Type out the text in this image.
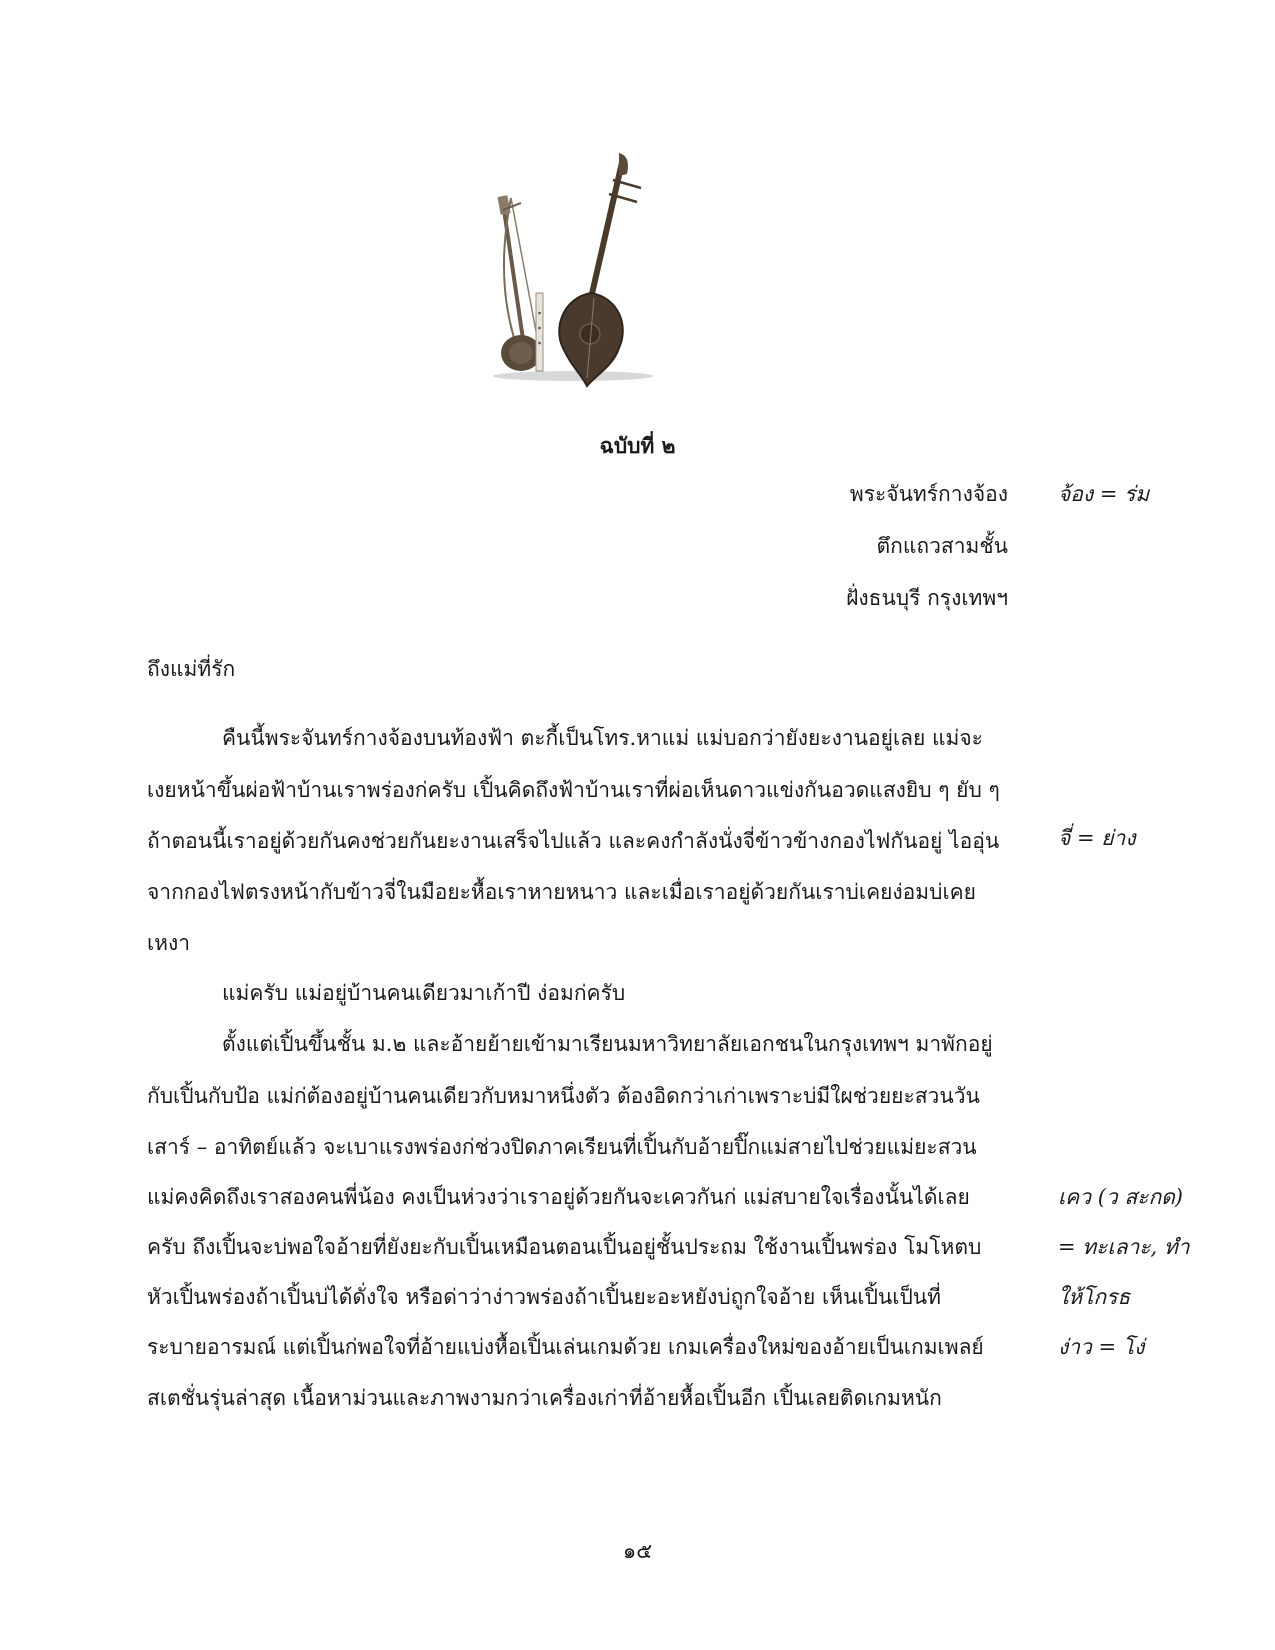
ฉบับที่ ๒
พระจันทร์กางจ้อง
ตึกแถวสามชั้น
ฝั่งธนบุรี กรุงเทพฯ
จ้อง = ร่ม
จี่ = ย่าง
เคว (ว สะกด)
= ทะเลาะ, ทำ
ให้โกรธ
ง่าว = โง่
ถึงแม่ที่รัก
คืนนี้พระจันทร์กางจ้องบนท้องฟ้า ตะกี้เป็นโทร.หาแม่ แม่บอกว่ายังยะงานอยู่เลย แม่จะ
เงยหน้าขึ้นผ่อฟ้าบ้านเราพร่องก่ครับ เปิ้นคิดถึงฟ้าบ้านเราที่ผ่อเห็นดาวแข่งกันอวดแสงยิบ ๆ ยับ ๆ
ถ้าตอนนี้เราอยู่ด้วยกันคงช่วยกันยะงานเสร็จไปแล้ว และคงกำลังนั่งจี่ข้าวข้างกองไฟกันอยู่ ไออุ่น
จากกองไฟตรงหน้ากับข้าวจี่ในมือยะหื้อเราหายหนาว และเมื่อเราอยู่ด้วยกันเราบ่เคยง่อมบ่เคย
เหงา
แม่ครับ แม่อยู่บ้านคนเดียวมาเก้าปี ง่อมก่ครับ
ตั้งแต่เปิ้นขึ้นชั้น ม.๒ และอ้ายย้ายเข้ามาเรียนมหาวิทยาลัยเอกชนในกรุงเทพฯ มาพักอยู่
กับเปิ้นกับป้อ แม่ก่ต้องอยู่บ้านคนเดียวกับหมาหนึ่งตัว ต้องอิดกว่าเก่าเพราะบ่มีใผช่วยยะสวนวัน
เสาร์ – อาทิตย์แล้ว จะเบาแรงพร่องก่ช่วงปิดภาคเรียนที่เปิ้นกับอ้ายปิ๊กแม่สายไปช่วยแม่ยะสวน
แม่คงคิดถึงเราสองคนพี่น้อง คงเป็นห่วงว่าเราอยู่ด้วยกันจะเควกันก่ แม่สบายใจเรื่องนั้นได้เลย
ครับ ถึงเปิ้นจะบ่พอใจอ้ายที่ยังยะกับเปิ้นเหมือนตอนเปิ้นอยู่ชั้นประถม ใช้งานเปิ้นพร่อง โมโหตบ
หัวเปิ้นพร่องถ้าเปิ้นบ่ได้ดั่งใจ หรือด่าว่าง่าวพร่องถ้าเปิ้นยะอะหยังบ่ถูกใจอ้าย เห็นเปิ้นเป็นที่
ระบายอารมณ์ แต่เปิ้นก่พอใจที่อ้ายแบ่งหื้อเปิ้นเล่นเกมด้วย เกมเครื่องใหม่ของอ้ายเป็นเกมเพลย์
สเตชั่นรุ่นล่าสุด เนื้อหาม่วนและภาพงามกว่าเครื่องเก่าที่อ้ายหื้อเปิ้นอีก เปิ้นเลยติดเกมหนัก
๑๕
